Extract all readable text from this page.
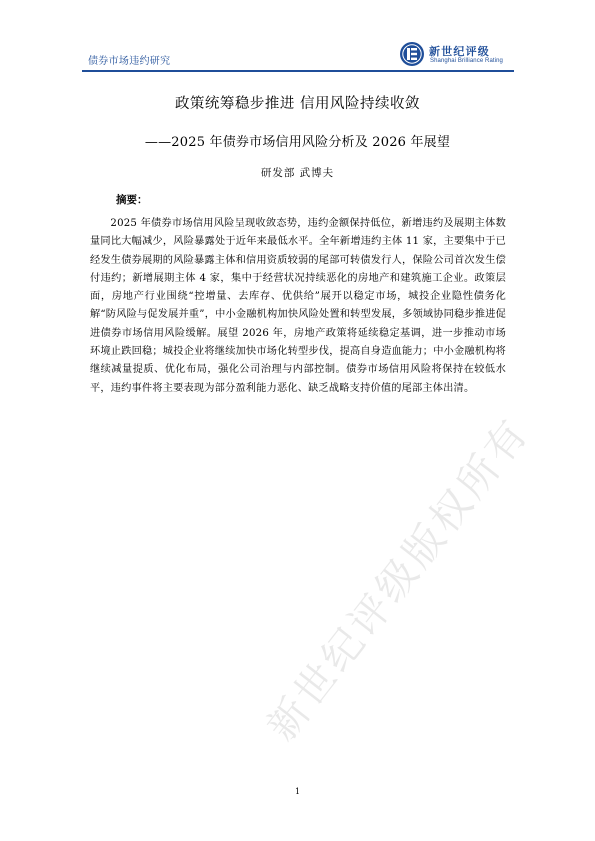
债券市场违约研究
新世纪评级
Shanghai Brilliance Rating
新世纪评级版权所有
政策统筹稳步推进 信用风险持续收敛
——2025 年债券市场信用风险分析及 2026 年展望
研发部 武博夫
摘要：
2025 年债券市场信用风险呈现收敛态势，违约金额保持低位，新增违约及展期主体数量同比大幅减少，风险暴露处于近年来最低水平。全年新增违约主体 11 家，主要集中于已经发生债券展期的风险暴露主体和信用资质较弱的尾部可转债发行人，保险公司首次发生偿付违约；新增展期主体 4 家，集中于经营状况持续恶化的房地产和建筑施工企业。政策层面，房地产行业围绕“控增量、去库存、优供给”展开以稳定市场，城投企业隐性债务化解“防风险与促发展并重”，中小金融机构加快风险处置和转型发展，多领域协同稳步推进促进债券市场信用风险缓解。展望 2026 年，房地产政策将延续稳定基调，进一步推动市场环境止跌回稳；城投企业将继续加快市场化转型步伐，提高自身造血能力；中小金融机构将继续减量提质、优化布局，强化公司治理与内部控制。债券市场信用风险将保持在较低水平，违约事件将主要表现为部分盈利能力恶化、缺乏战略支持价值的尾部主体出清。
1
